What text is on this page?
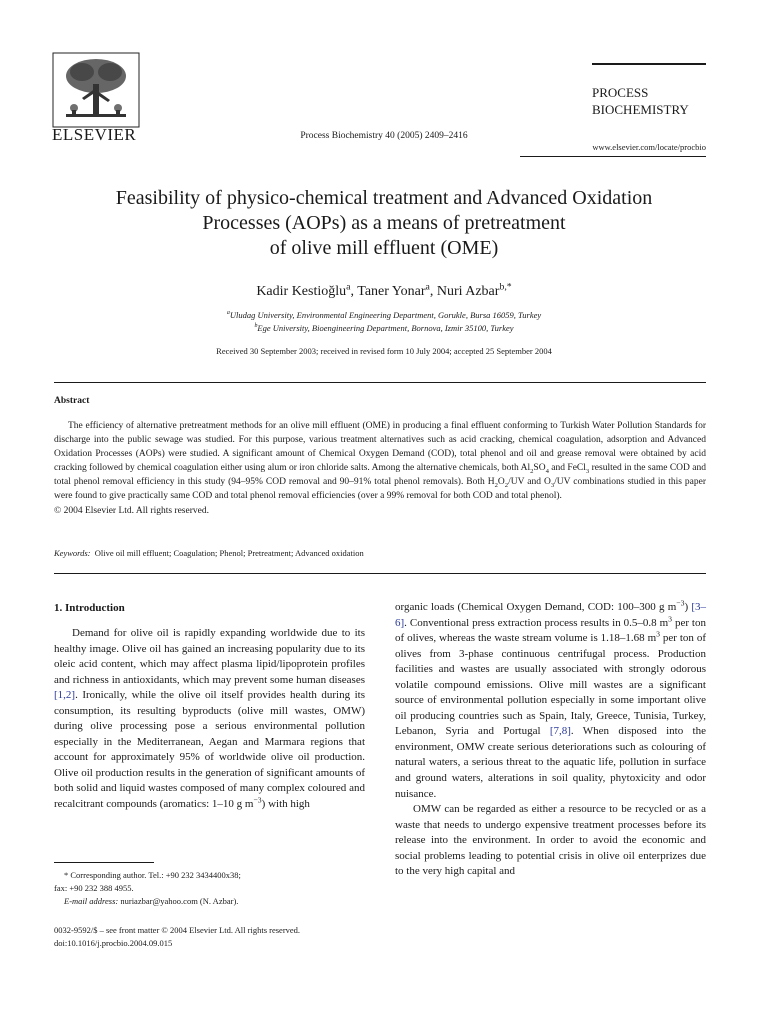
ELSEVIER	Process Biochemistry 40 (2005) 2409–2416
PROCESS
BIOCHEMISTRY
www.elsevier.com/locate/procbio
Feasibility of physico-chemical treatment and Advanced Oxidation
Processes (AOPs) as a means of pretreatment
of olive mill effluent (OME)
Kadir Kestioğlu$^a$, Taner Yonar$^a$, Nuri Azbar$^{b,*}$
$^a$Uludag University, Environmental Engineering Department, Gorukle, Bursa 16059, Turkey
$^b$Ege University, Bioengineering Department, Bornova, Izmir 35100, Turkey
Received 30 September 2003; received in revised form 10 July 2004; accepted 25 September 2004
Abstract
The efficiency of alternative pretreatment methods for an olive mill effluent (OME) in producing a final effluent conforming to Turkish Water Pollution Standards for discharge into the public sewage was studied. For this purpose, various treatment alternatives such as acid cracking, chemical coagulation, adsorption and Advanced Oxidation Processes (AOPs) were studied. A significant amount of Chemical Oxygen Demand (COD), total phenol and oil and grease removal were obtained by acid cracking followed by chemical coagulation either using alum or iron chloride salts. Among the alternative chemicals, both $Al_2SO_4$ and FeCl$_3$ resulted in the same COD and total phenol removal efficiency in this study (94–95% COD removal and 90–91% total phenol removals). Both $H_2O_2/UV$ and $O_3/UV$ combinations studied in this paper were found to give practically same COD and total phenol removal efficiencies (over a 99% removal for both COD and total phenol).
© 2004 Elsevier Ltd. All rights reserved.
Keywords: Olive oil mill effluent; Coagulation; Phenol; Pretreatment; Advanced oxidation
1. Introduction

Demand for olive oil is rapidly expanding worldwide due to its healthy image. Olive oil has gained an increasing popularity due to its oleic acid content, which may affect plasma lipid/lipoprotein profiles and richness in antioxidants, which may prevent some human diseases [1,2]. Ironically, while the olive oil itself provides health during its consumption, its resulting byproducts (olive mill wastes, OMW) during olive processing pose a serious environmental pollution especially in the Mediterranean, Aegan and Marmara regions that account for approximately 95% of worldwide olive oil production. Olive oil production results in the generation of significant amounts of both solid and liquid wastes composed of many complex coloured and recalcitrant compounds (aromatics: 1–10 g $m^{-3}$) with high

organic loads (Chemical Oxygen Demand, COD: 100–300 g $m^{-3}$) [3–6]. Conventional press extraction process results in 0.5–0.8 $m^3$ per ton of olives, whereas the waste stream volume is 1.18–1.68 $m^3$ per ton of olives from 3-phase continuous centrifugal process. Production facilities and wastes are usually associated with strongly odorous volatile compound emissions. Olive mill wastes are a significant source of environmental pollution especially in some important olive oil producing countries such as Spain, Italy, Greece, Tunisia, Turkey, Lebanon, Syria and Portugal [7,8]. When disposed into the environment, OMW create serious deteriorations such as colouring of natural waters, a serious threat to the aquatic life, pollution in surface and ground waters, alterations in soil quality, phytoxicity and odor nuisance.

OMW can be regarded as either a resource to be recycled or as a waste that needs to undergo expensive treatment processes before its release into the environment. In order to avoid the economic and social problems leading to potential crisis in olive oil enterprizes due to the very high capital and

* Corresponding author. Tel.: +90 232 3434400x38;
fax: +90 232 388 4955.
E-mail address: nuriazbar@yahoo.com (N. Azbar).
0032-9592/$ – see front matter © 2004 Elsevier Ltd. All rights reserved.
doi:10.1016/j.procbio.2004.09.015
